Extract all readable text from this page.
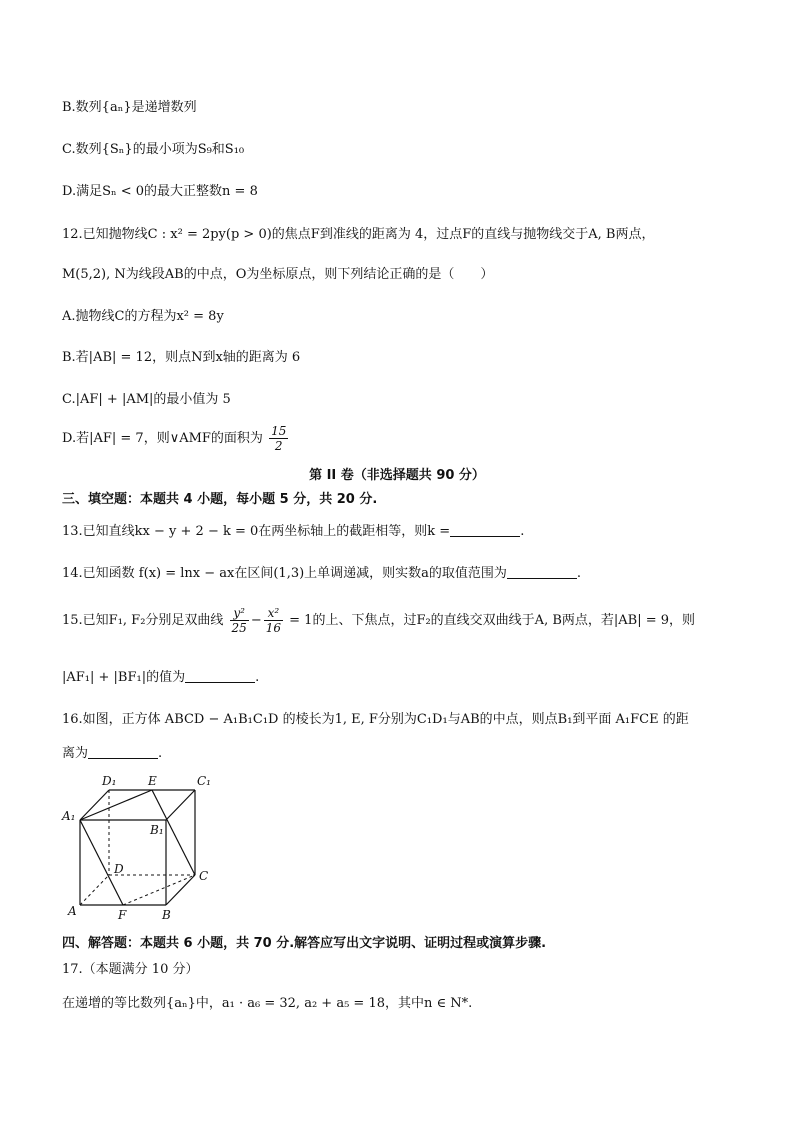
B.数列{aₙ}是递增数列
C.数列{Sₙ}的最小项为S₉和S₁₀
D.满足Sₙ < 0的最大正整数n = 8
12.已知抛物线C : x² = 2py(p > 0)的焦点F到准线的距离为 4，过点F的直线与抛物线交于A, B两点，
M(5,2), N为线段AB的中点，O为坐标原点，则下列结论正确的是（　　）
A.抛物线C的方程为x² = 8y
B.若|AB| = 12，则点N到x轴的距离为 6
C.|AF| + |AM|的最小值为 5
D.若|AF| = 7，则∨AMF的面积为 $\frac{15}{2}$
第 II 卷（非选择题共 90 分）
三、填空题：本题共 4 小题，每小题 5 分，共 20 分.
13.已知直线kx − y + 2 − k = 0在两坐标轴上的截距相等，则k =	.
14.已知函数 f(x) = lnx − ax在区间(1,3)上单调递减，则实数a的取值范围为	.
15.已知F₁, F₂分别足双曲线 $\frac{\text{y²}}{25} - \frac{\text{x²}}{16} = 1$的上、下焦点，过F₂的直线交双曲线于A, B两点，若|AB| = 9，则
|AF₁| + |BF₁|的值为	.
16.如图，正方体 ABCD − A₁B₁C₁D 的棱长为1, E, F分别为C₁D₁与AB的中点，则点B₁到平面 A₁FCE 的距
离为	.
D₁	E	C₁
A₁
B₁
D	C
A	F	B
四、解答题：本题共 6 小题，共 70 分.解答应写出文字说明、证明过程或演算步骤.
17.（本题满分 10 分）
在递增的等比数列{aₙ}中，a₁ · a₆ = 32, a₂ + a₅ = 18，其中n ∈ N*.
